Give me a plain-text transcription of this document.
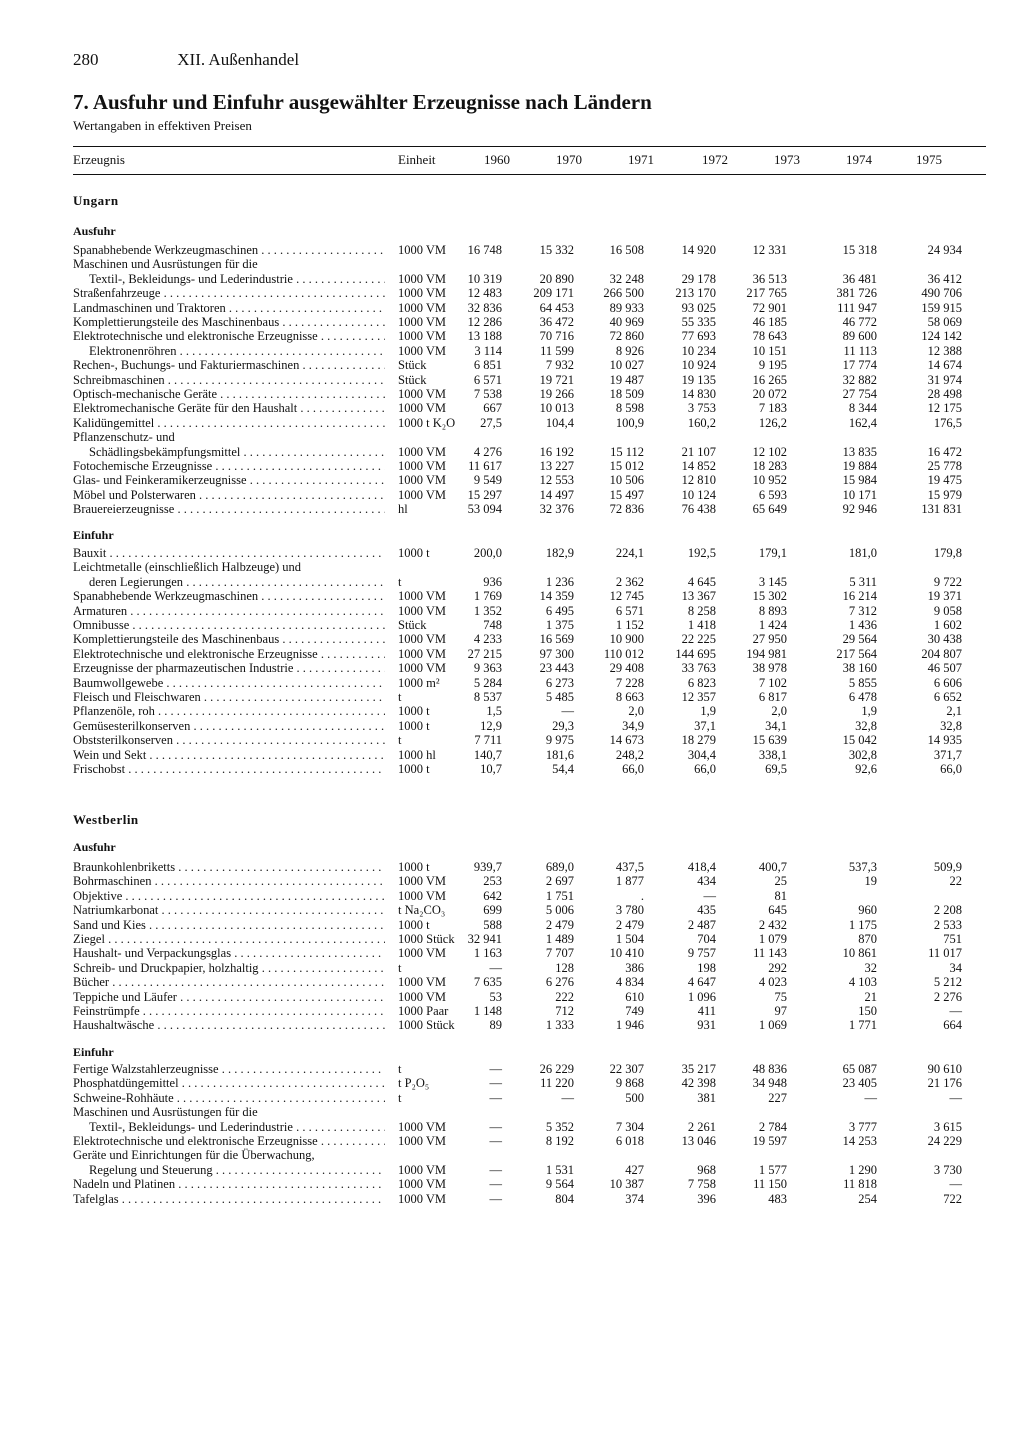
280	XII. Außenhandel
7. Ausfuhr und Einfuhr ausgewählter Erzeugnisse nach Ländern
Wertangaben in effektiven Preisen
Erzeugnis	Einheit	1960	1970	1971	1972	1973	1974	1975
Ungarn
Ausfuhr
Spanabhebende Werkzeugmaschinen . . .	1000 VM	16 748	15 332	16 508	14 920	12 331	15 318	24 934
Maschinen und Ausrüstungen für die
Textil-, Bekleidungs- und Lederindustrie . . .	1000 VM	10 319	20 890	32 248	29 178	36 513	36 481	36 412
Straßenfahrzeuge . . .	1000 VM	12 483	209 171	266 500	213 170	217 765	381 726	490 706
Landmaschinen und Traktoren . . .	1000 VM	32 836	64 453	89 933	93 025	72 901	111 947	159 915
Komplettierungsteile des Maschinenbaus . . .	1000 VM	12 286	36 472	40 969	55 335	46 185	46 772	58 069
Elektrotechnische und elektronische Erzeugnisse . . .	1000 VM	13 188	70 716	72 860	77 693	78 643	89 600	124 142
Elektronenröhren . . .	1000 VM	3 114	11 599	8 926	10 234	10 151	11 113	12 388
Rechen-, Buchungs- und Fakturiermaschinen . . .	Stück	6 851	7 932	10 027	10 924	9 195	17 774	14 674
Schreibmaschinen . . .	Stück	6 571	19 721	19 487	19 135	16 265	32 882	31 974
Optisch-mechanische Geräte . . .	1000 VM	7 538	19 266	18 509	14 830	20 072	27 754	28 498
Elektromechanische Geräte für den Haushalt . . .	1000 VM	667	10 013	8 598	3 753	7 183	8 344	12 175
Kalidüngemittel . . .	1000 t K₂O	27,5	104,4	100,9	160,2	126,2	162,4	176,5
Pflanzenschutz- und
Schädlingsbekämpfungsmittel . . .	1000 VM	4 276	16 192	15 112	21 107	12 102	13 835	16 472
Fotochemische Erzeugnisse . . .	1000 VM	11 617	13 227	15 012	14 852	18 283	19 884	25 778
Glas- und Feinkeramikerzeugnisse . . .	1000 VM	9 549	12 553	10 506	12 810	10 952	15 984	19 475
Möbel und Polsterwaren . . .	1000 VM	15 297	14 497	15 497	10 124	6 593	10 171	15 979
Brauereierzeugnisse . . .	hl	53 094	32 376	72 836	76 438	65 649	92 946	131 831
Einfuhr
Bauxit . . .	1000 t	200,0	182,9	224,1	192,5	179,1	181,0	179,8
Leichtmetalle (einschließlich Halbzeuge) und
deren Legierungen . . .	t	936	1 236	2 362	4 645	3 145	5 311	9 722
Spanabhebende Werkzeugmaschinen . . .	1000 VM	1 769	14 359	12 745	13 367	15 302	16 214	19 371
Armaturen . . .	1000 VM	1 352	6 495	6 571	8 258	8 893	7 312	9 058
Omnibusse . . .	Stück	748	1 375	1 152	1 418	1 424	1 436	1 602
Komplettierungsteile des Maschinenbaus . . .	1000 VM	4 233	16 569	10 900	22 225	27 950	29 564	30 438
Elektrotechnische und elektronische Erzeugnisse . . .	1000 VM	27 215	97 300	110 012	144 695	194 981	217 564	204 807
Erzeugnisse der pharmazeutischen Industrie . . .	1000 VM	9 363	23 443	29 408	33 763	38 978	38 160	46 507
Baumwollgewebe . . .	1000 m²	5 284	6 273	7 228	6 823	7 102	5 855	6 606
Fleisch und Fleischwaren . . .	t	8 537	5 485	8 663	12 357	6 817	6 478	6 652
Pflanzenöle, roh . . .	1000 t	1,5	—	2,0	1,9	2,0	1,9	2,1
Gemüsesterilkonserven . . .	1000 t	12,9	29,3	34,9	37,1	34,1	32,8	32,8
Obststerilkonserven . . .	t	7 711	9 975	14 673	18 279	15 639	15 042	14 935
Wein und Sekt . . .	1000 hl	140,7	181,6	248,2	304,4	338,1	302,8	371,7
Frischobst . . .	1000 t	10,7	54,4	66,0	66,0	69,5	92,6	66,0
Westberlin
Ausfuhr
Braunkohlenbriketts . . .	1000 t	939,7	689,0	437,5	418,4	400,7	537,3	509,9
Bohrmaschinen . . .	1000 VM	253	2 697	1 877	434	25	19	22
Objektive . . .	1000 VM	642	1 751	.	—	81
Natriumkarbonat . . .	t Na₂CO₃	699	5 006	3 780	435	645	960	2 208
Sand und Kies . . .	1000 t	588	2 479	2 479	2 487	2 432	1 175	2 533
Ziegel . . .	1000 Stück	32 941	1 489	1 504	704	1 079	870	751
Haushalt- und Verpackungsglas . . .	1000 VM	1 163	7 707	10 410	9 757	11 143	10 861	11 017
Schreib- und Druckpapier, holzhaltig . . .	t	—	128	386	198	292	32	34
Bücher . . .	1000 VM	7 635	6 276	4 834	4 647	4 023	4 103	5 212
Teppiche und Läufer . . .	1000 VM	53	222	610	1 096	75	21	2 276
Feinstrümpfe . . .	1000 Paar	1 148	712	749	411	97	150	—
Haushaltwäsche . . .	1000 Stück	89	1 333	1 946	931	1 069	1 771	664
Einfuhr
Fertige Walzstahlerzeugnisse . . .	t	—	26 229	22 307	35 217	48 836	65 087	90 610
Phosphatdüngemittel . . .	t P₂O₅	—	11 220	9 868	42 398	34 948	23 405	21 176
Schweine-Rohhäute . . .	t	—	—	500	381	227	—	—
Maschinen und Ausrüstungen für die
Textil-, Bekleidungs- und Lederindustrie . . .	1000 VM	—	5 352	7 304	2 261	2 784	3 777	3 615
Elektrotechnische und elektronische Erzeugnisse . . .	1000 VM	—	8 192	6 018	13 046	19 597	14 253	24 229
Geräte und Einrichtungen für die Überwachung,
Regelung und Steuerung . . .	1000 VM	—	1 531	427	968	1 577	1 290	3 730
Nadeln und Platinen . . .	1000 VM	—	9 564	10 387	7 758	11 150	11 818	—
Tafelglas . . .	1000 VM	—	804	374	396	483	254	722
